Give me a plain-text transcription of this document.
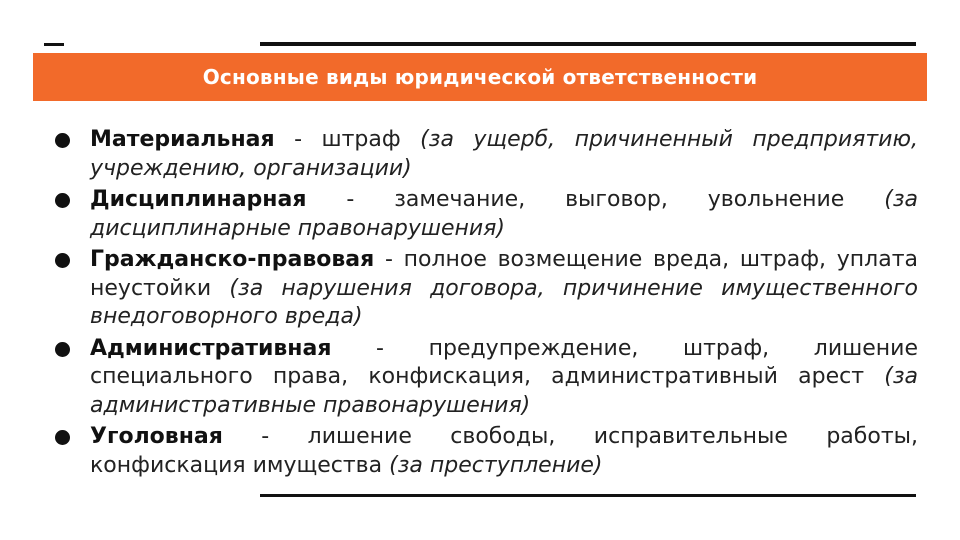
Основные виды юридической ответственности
Материальная - штраф (за ущерб, причиненный предприятию, учреждению, организации)
Дисциплинарная - замечание, выговор, увольнение (за дисциплинарные правонарушения)
Гражданско-правовая - полное возмещение вреда, штраф, уплата неустойки (за нарушения договора, причинение имущественного внедоговорного вреда)
Административная - предупреждение, штраф, лишение специального права, конфискация, административный арест (за административные правонарушения)
Уголовная - лишение свободы, исправительные работы, конфискация имущества (за преступление)
